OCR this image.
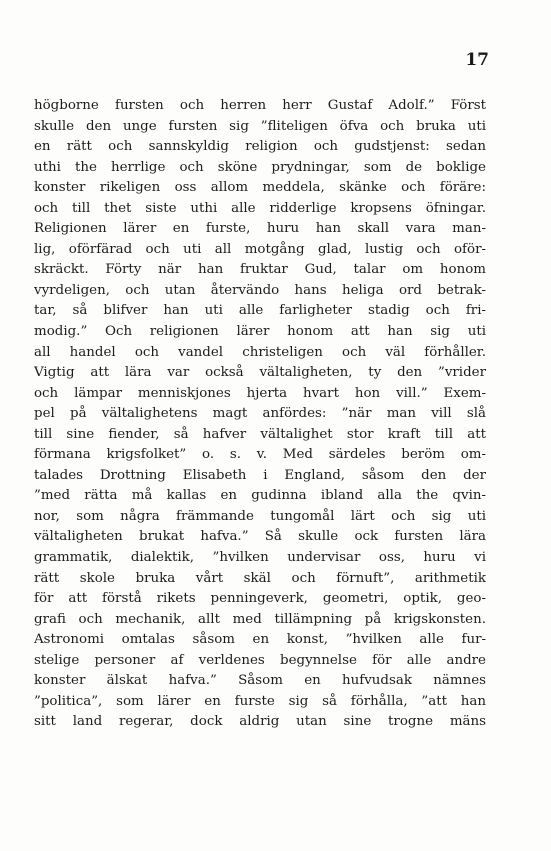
17
högborne fursten och herren herr Gustaf Adolf.” Först
skulle den unge fursten sig ”fliteligen öfva och bruka uti
en rätt och sannskyldig religion och gudstjenst: sedan
uthi the herrlige och sköne prydningar, som de boklige
konster rikeligen oss allom meddela, skänke och föräre:
och till thet siste uthi alle ridderlige kropsens öfningar.
Religionen lärer en furste, huru han skall vara man-
lig, oförfärad och uti all motgång glad, lustig och oför-
skräckt. Förty när han fruktar Gud, talar om honom
vyrdeligen, och utan återvändo hans heliga ord betrak-
tar, så blifver han uti alle farligheter stadig och fri-
modig.” Och religionen lärer honom att han sig uti
all handel och vandel christeligen och väl förhåller.
Vigtig att lära var också vältaligheten, ty den ”vrider
och lämpar menniskjones hjerta hvart hon vill.” Exem-
pel på vältalighetens magt anfördes: ”när man vill slå
till sine fiender, så hafver vältalighet stor kraft till att
förmana krigsfolket” o. s. v. Med särdeles beröm om-
talades Drottning Elisabeth i England, såsom den der
”med rätta må kallas en gudinna ibland alla the qvin-
nor, som några främmande tungomål lärt och sig uti
vältaligheten brukat hafva.” Så skulle ock fursten lära
grammatik, dialektik, ”hvilken undervisar oss, huru vi
rätt skole bruka vårt skäl och förnuft”, arithmetik
för att förstå rikets penningeverk, geometri, optik, geo-
grafi och mechanik, allt med tillämpning på krigskonsten.
Astronomi omtalas såsom en konst, ”hvilken alle fur-
stelige personer af verldenes begynnelse för alle andre
konster älskat hafva.” Såsom en hufvudsak nämnes
”politica”, som lärer en furste sig så förhålla, ”att han
sitt land regerar, dock aldrig utan sine trogne mäns
